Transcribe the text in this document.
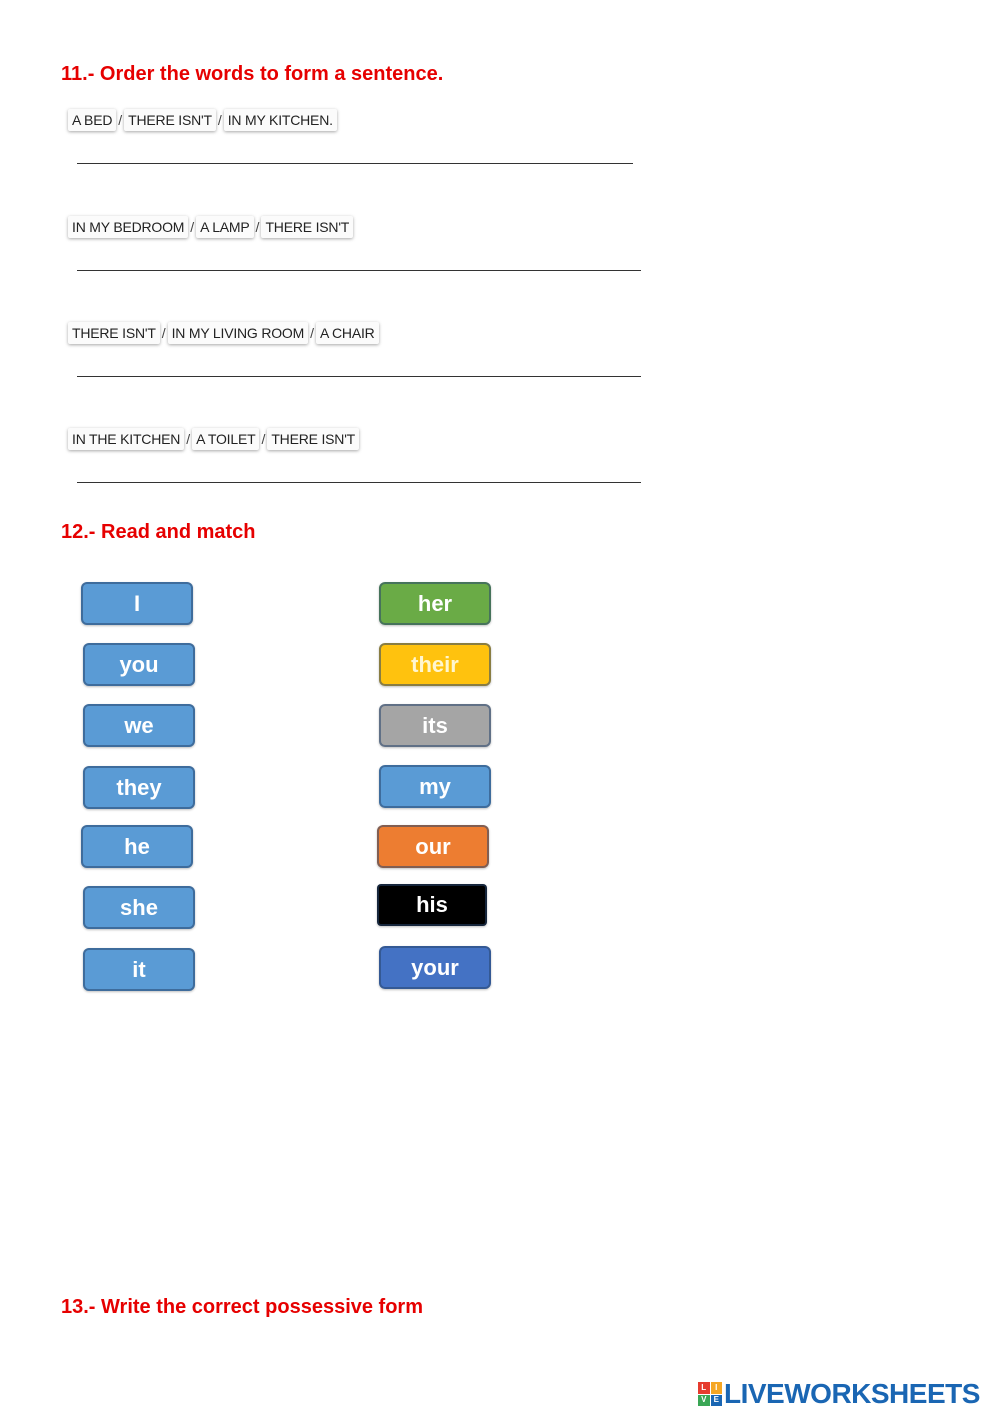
11.- Order the words to form a sentence.
A BED / THERE ISN'T / IN MY KITCHEN.
IN MY BEDROOM / A LAMP / THERE ISN'T
THERE ISN'T / IN MY LIVING ROOM / A CHAIR
IN THE KITCHEN / A TOILET / THERE ISN'T
12.- Read and match
I
you
we
they
he
she
it
her
their
its
my
our
his
your
13.- Write the correct possessive form
L	I
V E LIVEWORKSHEETS
